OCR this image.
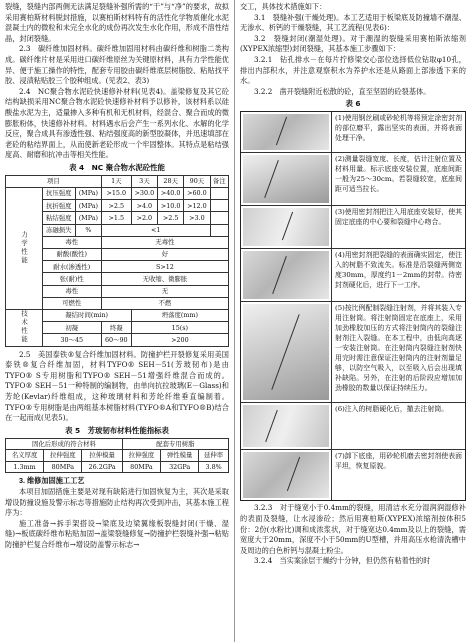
裂缝，裂缝内部两侧无法满足裂缝补强所需的“干”与“净”的要求，故拟采用赛柏斯材料脱封措施，以赛柏斯材料特有的活性化学物质催化水泥混凝土内的微粒和未完全水化的成份再次发生水化作用，形成不溶性结晶，封闭裂缝。

2.3　碳纤维加固材料。碳纤维加固用材料由碳纤维和树脂二类构成。碳纤维片材是采用进口碳纤维原丝为关键原材料，具有力学性能优异、便于施工操作的特性，配套专用胶由碳纤维底层树脂胶、粘贴找平胶、浸渍粘贴胶三个胶种组成。(见表2、表3)

2.4　NC聚合物水泥砼快速修补材料(见表4)。盖梁修复及其它砼结构缺损采用NC聚合物水泥砼快速修补材料予以修补，该材料系以硅酸盐水泥为主，适量掺入多种有机和无机材料，经混合、聚合而成的微膨胀粉体，快速修补材料。材料遇水后会产生一系列水化、水解的化学反应，聚合成具有渗透性强、粘结强度高的新型胶凝体，并迅速填部在老砼的粘结界面上，从而使新老砼形成一个牢固整体。其特点是粘结强度高、耐磨和抗冲击等相关性能。

表 4　NC 聚合物水泥砼性能
项目			1天	3天	28天	90天	备注
力学性能	抗压强度	(MPa)	>15.0	>30.0	>40.0	>60.0	
	抗折强度	(MPa)	>2.5	>4.0	>10.0	>12.0	
	粘结强度	(MPa)	>1.5	>2.0	>2.5	>3.0	
	冻融损失	%	<1				
	毒性		无毒性				
	耐酸(酸性)		好				
	耐水(渗透性)		S>12				
	张(耐)性		无收缩、微膨胀				
	毒性		无				
	可燃性		不燃				
技术性能	凝结时间(min)			坍落度(mm)			
	初凝		终凝	15(s)			
	30～45		60～90	>200			

2.5　美国泰铁®复合纤维加固材料。防撞护栏开裂修复采用美国泰铁®复合纤维加固，材料TYFO® SEH－51(芳玻韧布)是由TYFO® S专用树脂和TYFO® SEH－51增强纤维混合而成的。TYFO® SEH－51一种特制的编制物，由单向抗拉玻璃(E－Glass)和芳纶(Kevlar)纤维组成，这种玻璃材料和芳纶纤维垂直编制着。TYFO®专用树脂是由两组基本树脂材料(TYFO®A和TYFO®B)结合在一起而成(见表5)。

表 5　芳玻韧布材料性能指标表
固化后形成的符合材料			配套专用树脂		
名义厚度	拉伸强度	拉伸模量	拉伸强度	弹性模量	延伸率
1.3mm	80MPa	26.2GPa	80MPa	32GPa	3.8%

3. 维修加固施工工艺

本项目加固措施主要是对现有缺陷进行加固恢复为主，其次是采取增设防撞设施及警示标志等措施防止结构再次受到冲击，其基本施工程序为：

施工准备→拆手架搭设→梁底及边梁翼缘板裂缝封闭(干燥、湿缝)→板底碳纤维布粘贴加固→盖梁裂缝修复→防撞护栏裂缝补强→粘贴防撞护栏复合纤维布→增设防盖警示标志→

交工，具体技术措施如下：

3.1　裂缝补强(干燥处理)。本工艺适用于板梁底及防撞墙不潮湿、无渗水、析钙的干燥裂缝，其工艺流程(见表6)：

3.2　裂缝封闭(潮湿处理)。对于潮湿的裂缝采用赛柏斯浓缩剂(XYPEX浓缩型)封闭裂缝，其基本施工步骤如下：

3.2.1　钻孔排水－在每片拧修梁交心部位选择低位钻取φ10孔，排出内部积水，并注意观察积水为养护水还是从路面上部渗透下来的水。

3.2.2　凿开裂缝附近松散的砼，直至坚固的砼裂基体。

表 6
(1)使用钢丝刷或砂轮机等将预定涂密封剂的部位磨平，露出坚实的表面，并将表面处理干净。
(2)测量裂缝宽度、长度，估计注射位置及材料用量。标示底座安装位置，底座间距一般为25～30cm。若裂缝较宽，底座间距可适当拉长。
(3)使用密封剂把注入用底座安装好，使其固定底座的中心要和裂缝中心吻合。
(4)用密封剂把裂缝的表面确实固定，使注入的树脂不致流失。标准是沿裂缝两侧宽度30mm，厚度约1－2mm的封带。待密封剂硬化后，进行下一工序。
(5)按比例配制裂缝注射剂，并将其装入专用注射筒。将注射筒固定在底座上，采用加劲橡胶加压的方式将注射筒内的裂缝注射剂注入裂缝。在本工程中，由低向高逐一安装注射筒。在注射筒内裂缝注射剂快用完时需注意保证注射筒内的注射剂量足够，以防空气吸入，以至吸入后会出现填补缺陷。另外，在注射的后阶段应增加加劲橡胶的数量以保证持续压力。
(6)注入的树脂硬化后，撤去注射筒。
(7)卸下底座，用砂轮机磨去密封剂使表面平坦，恢复原貌。

3.2.3　对于缝宽小于0.4mm的裂缝，用清洁水充分湿润润湿修补的表面及裂缝，让水浸渗砼；然后用赛柏斯(XYPEX)浓缩剂按体积5份：2份(水粉比)调和成浓浆状，对于缝宽达0.4mm及以上的裂缝，需宽度大于20mm，深度不小于50mm的U型槽，并用高压水枪清洗槽中及周边的白色析钙与混凝土粉尘。

3.2.4　当实案涂层干燥约十分钟，但仍然有粘着性的时
